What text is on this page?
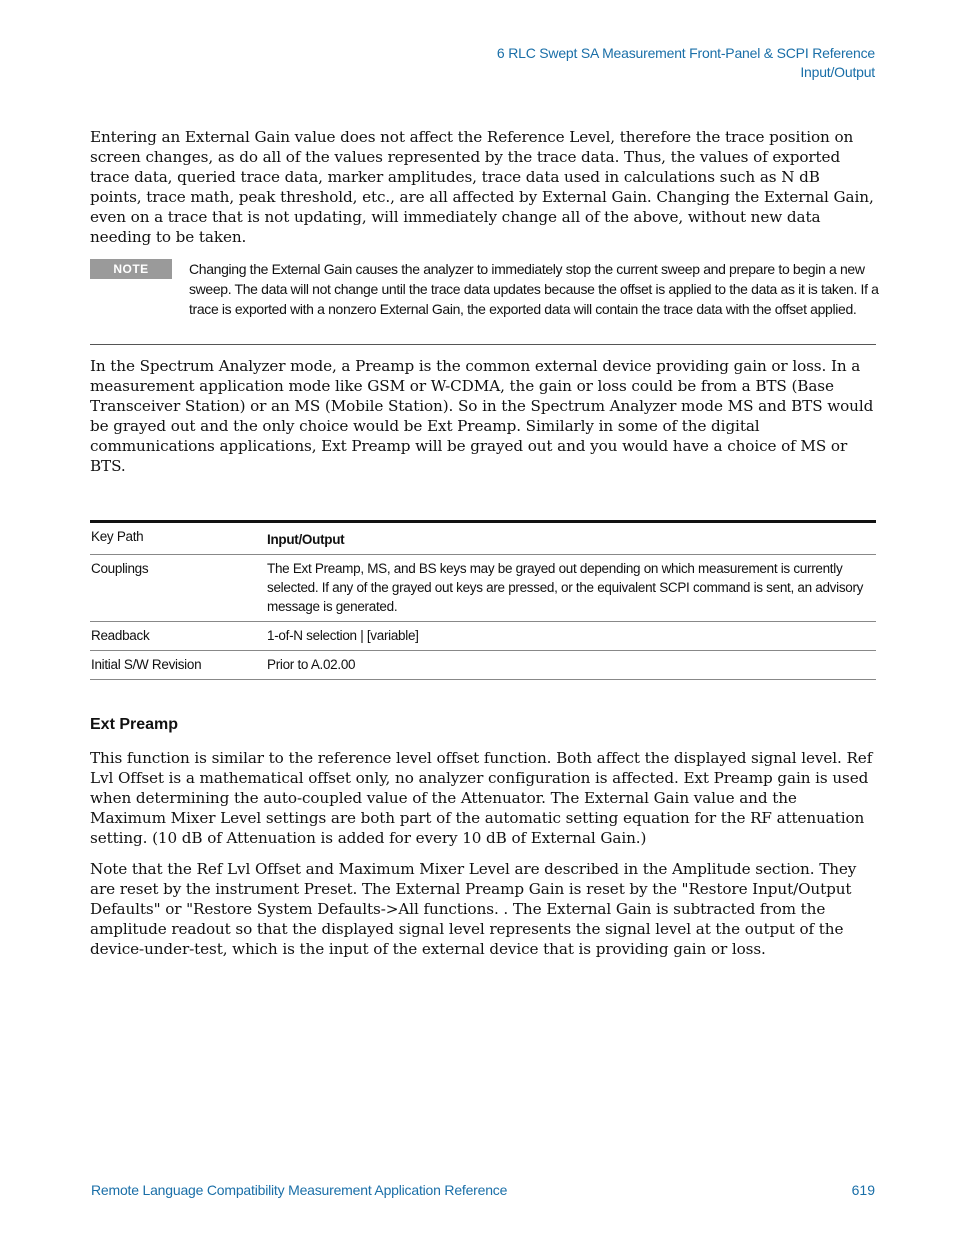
6 RLC Swept SA Measurement Front-Panel & SCPI Reference
Input/Output
Entering an External Gain value does not affect the Reference Level, therefore the trace position on screen changes, as do all of the values represented by the trace data. Thus, the values of exported trace data, queried trace data, marker amplitudes, trace data used in calculations such as N dB points, trace math, peak threshold, etc., are all affected by External Gain. Changing the External Gain, even on a trace that is not updating, will immediately change all of the above, without new data needing to be taken.
NOTE	Changing the External Gain causes the analyzer to immediately stop the current sweep and prepare to begin a new sweep. The data will not change until the trace data updates because the offset is applied to the data as it is taken. If a trace is exported with a nonzero External Gain, the exported data will contain the trace data with the offset applied.
In the Spectrum Analyzer mode, a Preamp is the common external device providing gain or loss. In a measurement application mode like GSM or W-CDMA, the gain or loss could be from a BTS (Base Transceiver Station) or an MS (Mobile Station). So in the Spectrum Analyzer mode MS and BTS would be grayed out and the only choice would be Ext Preamp. Similarly in some of the digital communications applications, Ext Preamp will be grayed out and you would have a choice of MS or BTS.
Key Path	Input/Output
Couplings	The Ext Preamp, MS, and BS keys may be grayed out depending on which measurement is currently selected. If any of the grayed out keys are pressed, or the equivalent SCPI command is sent, an advisory message is generated.
Readback	1-of-N selection | [variable]
Initial S/W Revision	Prior to A.02.00
Ext Preamp
This function is similar to the reference level offset function. Both affect the displayed signal level. Ref Lvl Offset is a mathematical offset only, no analyzer configuration is affected. Ext Preamp gain is used when determining the auto-coupled value of the Attenuator. The External Gain value and the Maximum Mixer Level settings are both part of the automatic setting equation for the RF attenuation setting. (10 dB of Attenuation is added for every 10 dB of External Gain.)
Note that the Ref Lvl Offset and Maximum Mixer Level are described in the Amplitude section. They are reset by the instrument Preset. The External Preamp Gain is reset by the "Restore Input/Output Defaults" or "Restore System Defaults->All functions. . The External Gain is subtracted from the amplitude readout so that the displayed signal level represents the signal level at the output of the device-under-test, which is the input of the external device that is providing gain or loss.
Remote Language Compatibility Measurement Application Reference	619
